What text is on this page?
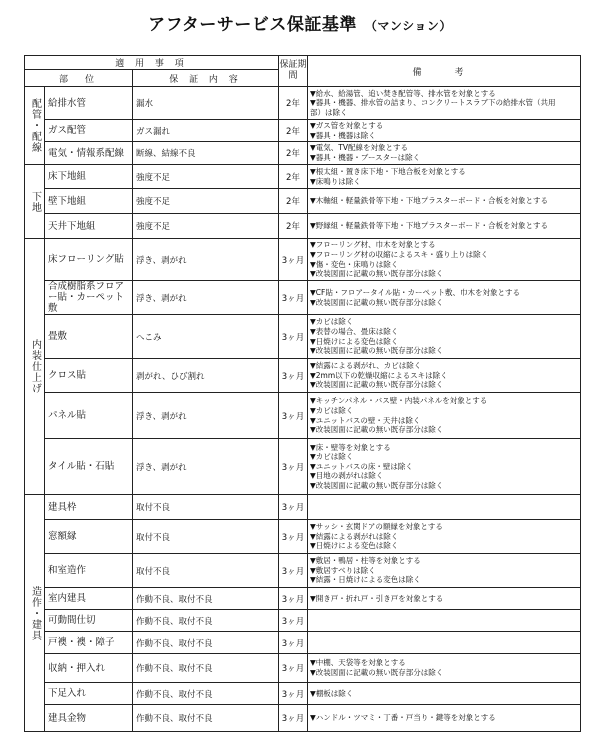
アフターサービス保証基準 （マンション）
適 用 事 項			保証期間	備　考
部　位		保 証 内 容		

配管・配線	給排水管	漏水	2年	▼給水、給湯管、追い焚き配管等、排水管を対象とする
▼器具・機器、排水管の詰まり、コンクリートスラブ下の給排水管（共用
部）は除く

	ガス配管	ガス漏れ	2年	▼ガス管を対象とする
▼器具・機器は除く

	電気・情報系配線	断線、結線不良	2年	▼電気、TV配線を対象とする
▼器具・機器・ブースターは除く

下地	床下地組	強度不足	2年	▼根太組・置き床下地・下地合板を対象とする
▼床鳴りは除く

	壁下地組	強度不足	2年	▼木軸組・軽量鉄骨等下地・下地プラスターボード・合板を対象とする

	天井下地組	強度不足	2年	▼野縁組・軽量鉄骨等下地・下地プラスターボード・合板を対象とする

内装仕上げ	床フローリング貼	浮き、剥がれ	3ヶ月	▼フローリング材、巾木を対象とする
▼フローリング材の収縮によるスキ・盛り上りは除く
▼傷・変色・床鳴りは除く
▼改装図面に記載の無い既存部分は除く

	合成樹脂系フロアー貼・カーペット敷	浮き、剥がれ	3ヶ月	▼CF貼・フロアータイル貼・カーペット敷、巾木を対象とする
▼改装図面に記載の無い既存部分は除く

	畳敷	へこみ	3ヶ月	▼カビは除く
▼表替の場合、畳床は除く
▼日焼けによる変色は除く
▼改装図面に記載の無い既存部分は除く

	クロス貼	剥がれ、ひび割れ	3ヶ月	▼結露による剥がれ、カビは除く
▼2mm以下の乾燥収縮によるスキは除く
▼改装図面に記載の無い既存部分は除く

	パネル貼	浮き、剥がれ	3ヶ月	▼キッチンパネル・バス壁・内装パネルを対象とする
▼カビは除く
▼ユニットバスの壁・天井は除く
▼改装図面に記載の無い既存部分は除く

	タイル貼・石貼	浮き、剥がれ	3ヶ月	▼床・壁等を対象とする
▼カビは除く
▼ユニットバスの床・壁は除く
▼目地の剥がれは除く
▼改装図面に記載の無い既存部分は除く

造作・建具	建具枠	取付不良	3ヶ月	
	窓額縁	取付不良	3ヶ月	▼サッシ・玄関ドアの額縁を対象とする
▼結露による剥がれは除く
▼日焼けによる変色は除く

	和室造作	取付不良	3ヶ月	▼敷居・鴨居・柱等を対象とする
▼敷居すべりは除く
▼結露・日焼けによる変色は除く

	室内建具	作動不良、取付不良	3ヶ月	▼開き戸・折れ戸・引き戸を対象とする

	可動間仕切	作動不良、取付不良	3ヶ月	
	戸襖・襖・障子	作動不良、取付不良	3ヶ月	
	収納・押入れ	作動不良、取付不良	3ヶ月	▼中棚、天袋等を対象とする
▼改装図面に記載の無い既存部分は除く

	下足入れ	作動不良、取付不良	3ヶ月	▼棚板は除く

	建具金物	作動不良、取付不良	3ヶ月	▼ハンドル・ツマミ・丁番・戸当り・鍵等を対象とする
